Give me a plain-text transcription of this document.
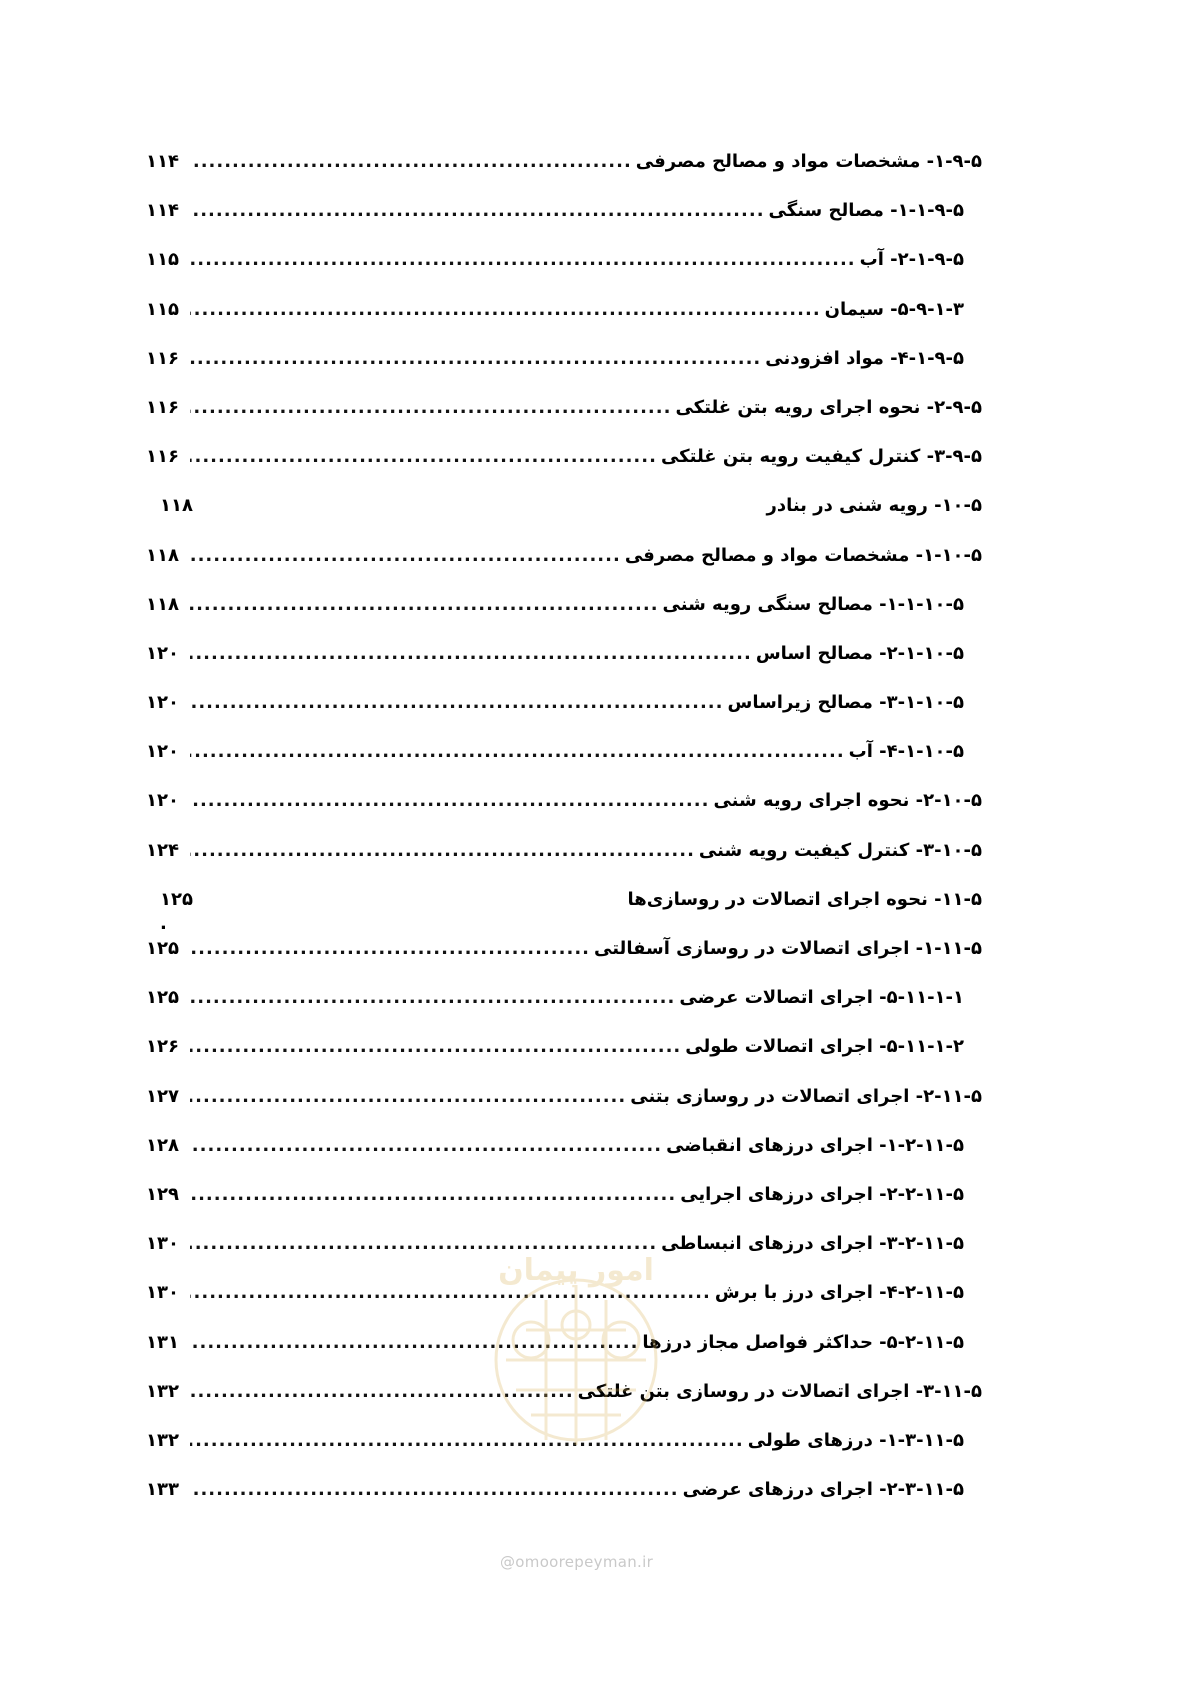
۱-۹-۵- مشخصات مواد و مصالح مصرفی
.....
۱۱۴
۱-۱-۹-۵- مصالح سنگی
.....
۱۱۴
۲-۱-۹-۵- آب
.....
۱۱۵
۵-۹-۱-۳- سیمان
.....
۱۱۵
۴-۱-۹-۵- مواد افزودنی
.....
۱۱۶
۲-۹-۵- نحوه اجرای رویه بتن غلتکی
.....
۱۱۶
۳-۹-۵- کنترل کیفیت رویه بتن غلتکی
.....
۱۱۶
۱۰-۵- رویه شنی در بنادر
۱۱۸
۱-۱۰-۵- مشخصات مواد و مصالح مصرفی
.....
۱۱۸
۱-۱-۱۰-۵- مصالح سنگی رویه شنی
.....
۱۱۸
۲-۱-۱۰-۵- مصالح اساس
.....
۱۲۰
۳-۱-۱۰-۵- مصالح زیراساس
.....
۱۲۰
۴-۱-۱۰-۵- آب
.....
۱۲۰
۲-۱۰-۵- نحوه اجرای رویه شنی
.....
۱۲۰
۳-۱۰-۵- کنترل کیفیت رویه شنی
.....
۱۲۴
۱۱-۵- نحوه اجرای اتصالات در روسازی‌ها
۱۲۵ .
۱-۱۱-۵- اجرای اتصالات در روسازی آسفالتی
.....
۱۲۵
۵-۱۱-۱-۱- اجرای اتصالات عرضی
.....
۱۲۵
۵-۱۱-۱-۲- اجرای اتصالات طولی
.....
۱۲۶
۲-۱۱-۵- اجرای اتصالات در روسازی بتنی
.....
۱۲۷
۱-۲-۱۱-۵- اجرای درزهای انقباضی
.....
۱۲۸
۲-۲-۱۱-۵- اجرای درزهای اجرایی
.....
۱۲۹
۳-۲-۱۱-۵- اجرای درزهای انبساطی
.....
۱۳۰
۴-۲-۱۱-۵- اجرای درز با برش
.....
۱۳۰
۵-۲-۱۱-۵- حداکثر فواصل مجاز درزها
.....
۱۳۱
۳-۱۱-۵- اجرای اتصالات در روسازی بتن غلتکی
.....
۱۳۲
۱-۳-۱۱-۵- درزهای طولی
.....
۱۳۲
۲-۳-۱۱-۵- اجرای درزهای عرضی
.....
۱۳۳
امور پیمان
@omoorepeyman.ir
